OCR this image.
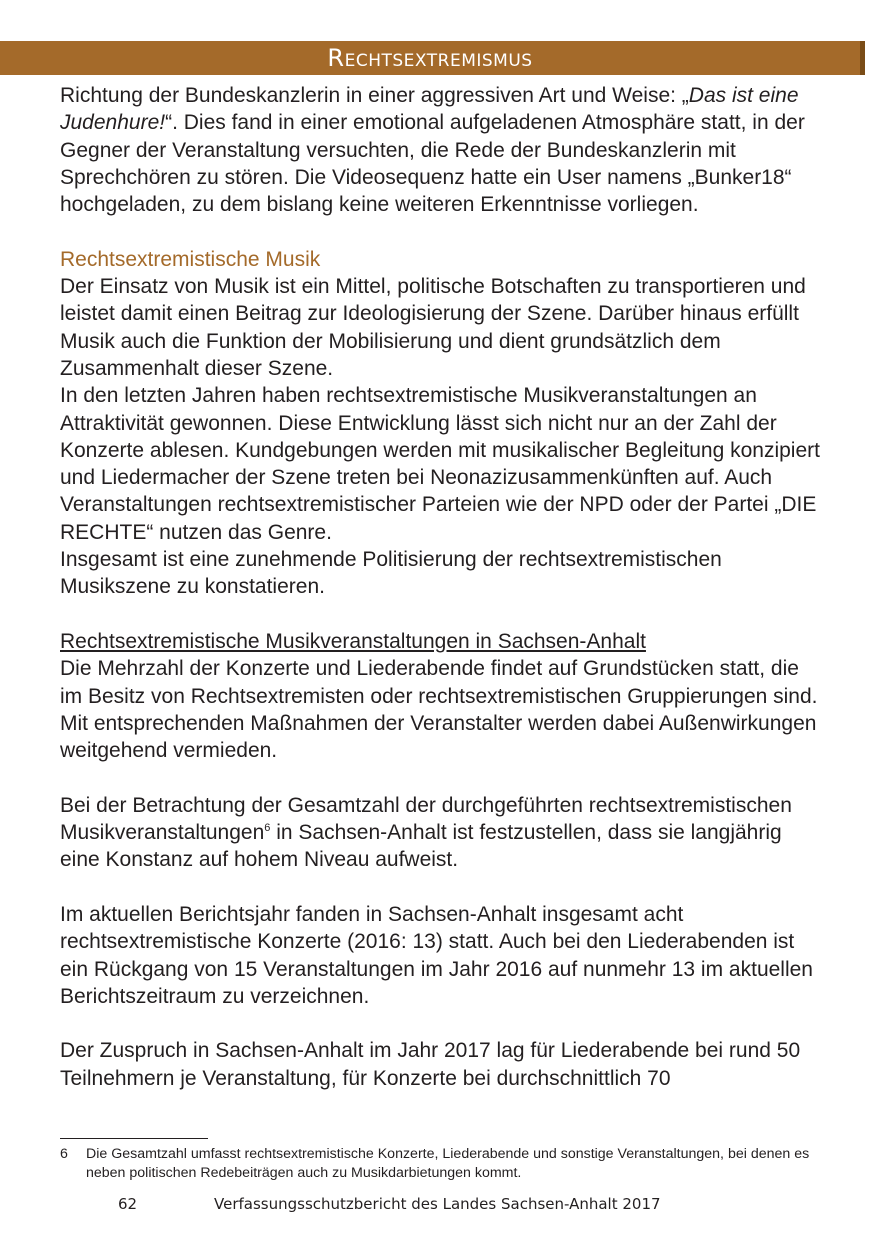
Rechtsextremismus

Richtung der Bundeskanzlerin in einer aggressiven Art und Weise: „Das ist eine Judenhure!“. Dies fand in einer emotional aufgeladenen Atmosphäre statt, in der Gegner der Veranstaltung versuchten, die Rede der Bundeskanzlerin mit Sprechchören zu stören. Die Videosequenz hatte ein User namens „Bunker18“ hochgeladen, zu dem bislang keine weiteren Erkenntnisse vorliegen.

Rechtsextremistische Musik

Der Einsatz von Musik ist ein Mittel, politische Botschaften zu transportieren und leistet damit einen Beitrag zur Ideologisierung der Szene. Darüber hinaus erfüllt Musik auch die Funktion der Mobilisierung und dient grundsätzlich dem Zusammenhalt dieser Szene.

In den letzten Jahren haben rechtsextremistische Musikveranstaltungen an Attraktivität gewonnen. Diese Entwicklung lässt sich nicht nur an der Zahl der Konzerte ablesen. Kundgebungen werden mit musikalischer Begleitung konzipiert und Liedermacher der Szene treten bei Neonazizusammenkünften auf. Auch Veranstaltungen rechtsextremistischer Parteien wie der NPD oder der Partei „DIE RECHTE“ nutzen das Genre.

Insgesamt ist eine zunehmende Politisierung der rechtsextremistischen Musikszene zu konstatieren.

Rechtsextremistische Musikveranstaltungen in Sachsen-Anhalt

Die Mehrzahl der Konzerte und Liederabende findet auf Grundstücken statt, die im Besitz von Rechtsextremisten oder rechtsextremistischen Gruppierungen sind. Mit entsprechenden Maßnahmen der Veranstalter werden dabei Außenwirkungen weitgehend vermieden.

Bei der Betrachtung der Gesamtzahl der durchgeführten rechtsextremistischen Musikveranstaltungen$^6$ in Sachsen-Anhalt ist festzustellen, dass sie langjährig eine Konstanz auf hohem Niveau aufweist.

Im aktuellen Berichtsjahr fanden in Sachsen-Anhalt insgesamt acht rechtsextremistische Konzerte (2016: 13) statt. Auch bei den Liederabenden ist ein Rückgang von 15 Veranstaltungen im Jahr 2016 auf nunmehr 13 im aktuellen Berichtszeitraum zu verzeichnen.

Der Zuspruch in Sachsen-Anhalt im Jahr 2017 lag für Liederabende bei rund 50 Teilnehmern je Veranstaltung, für Konzerte bei durchschnittlich 70

6 Die Gesamtzahl umfasst rechtsextremistische Konzerte, Liederabende und sonstige Veranstaltungen, bei denen es neben politischen Redebeiträgen auch zu Musikdarbietungen kommt.
62	Verfassungsschutzbericht des Landes Sachsen-Anhalt 2017
